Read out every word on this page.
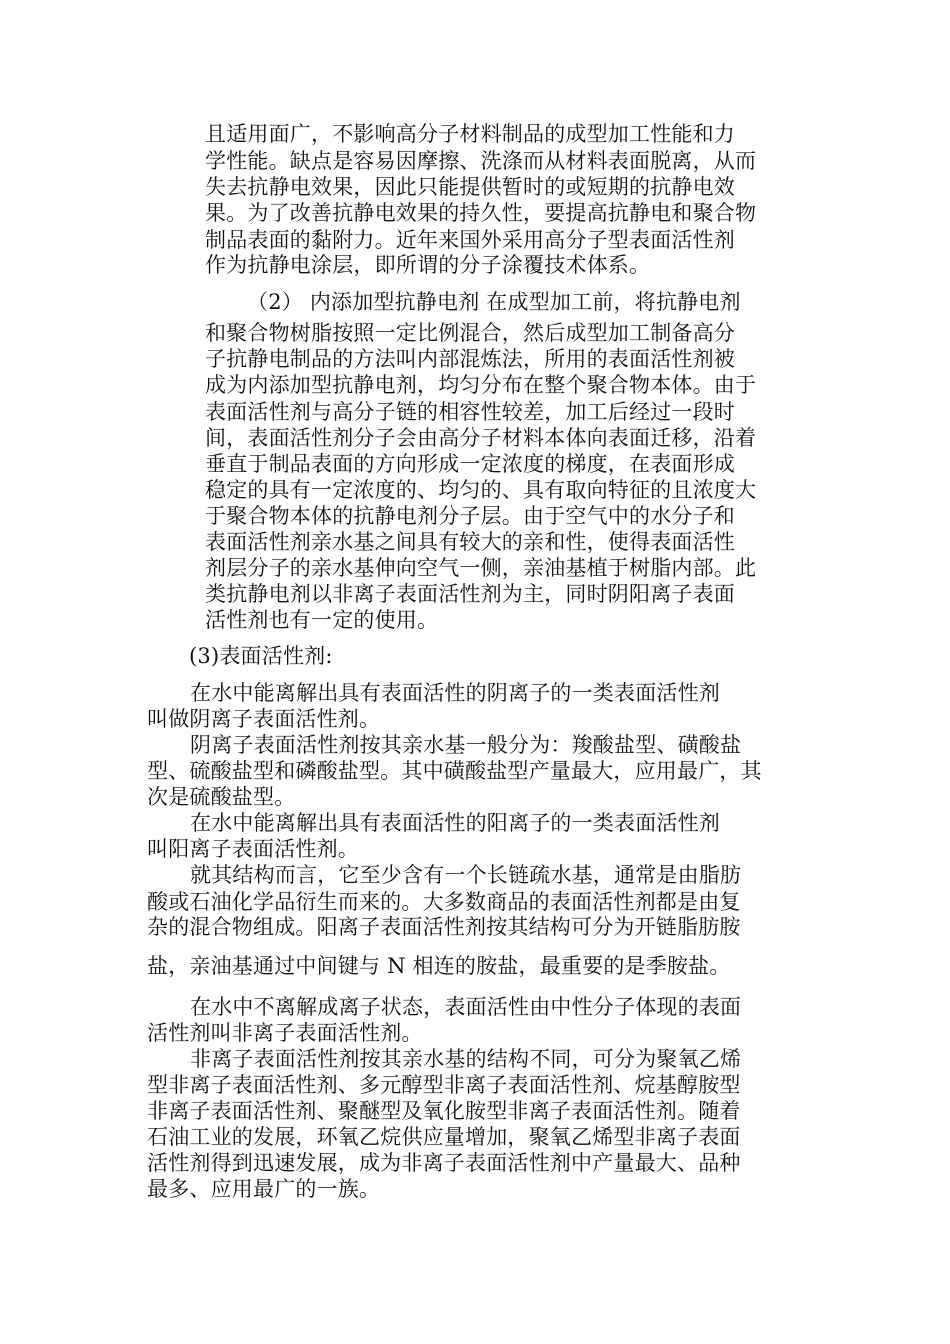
且适用面广，不影响高分子材料制品的成型加工性能和力
学性能。缺点是容易因摩擦、洗涤而从材料表面脱离，从而
失去抗静电效果，因此只能提供暂时的或短期的抗静电效
果。为了改善抗静电效果的持久性，要提高抗静电和聚合物
制品表面的黏附力。近年来国外采用高分子型表面活性剂
作为抗静电涂层，即所谓的分子涂覆技术体系。
（2） 内添加型抗静电剂 在成型加工前，将抗静电剂
和聚合物树脂按照一定比例混合，然后成型加工制备高分
子抗静电制品的方法叫内部混炼法，所用的表面活性剂被
成为内添加型抗静电剂，均匀分布在整个聚合物本体。由于
表面活性剂与高分子链的相容性较差，加工后经过一段时
间，表面活性剂分子会由高分子材料本体向表面迁移，沿着
垂直于制品表面的方向形成一定浓度的梯度，在表面形成
稳定的具有一定浓度的、均匀的、具有取向特征的且浓度大
于聚合物本体的抗静电剂分子层。由于空气中的水分子和
表面活性剂亲水基之间具有较大的亲和性，使得表面活性
剂层分子的亲水基伸向空气一侧，亲油基植于树脂内部。此
类抗静电剂以非离子表面活性剂为主，同时阴阳离子表面
活性剂也有一定的使用。
(3)表面活性剂:
在水中能离解出具有表面活性的阴离子的一类表面活性剂
叫做阴离子表面活性剂。
阴离子表面活性剂按其亲水基一般分为：羧酸盐型、磺酸盐
型、硫酸盐型和磷酸盐型。其中磺酸盐型产量最大，应用最广，其
次是硫酸盐型。
在水中能离解出具有表面活性的阳离子的一类表面活性剂
叫阳离子表面活性剂。
就其结构而言，它至少含有一个长链疏水基，通常是由脂肪
酸或石油化学品衍生而来的。大多数商品的表面活性剂都是由复
杂的混合物组成。阳离子表面活性剂按其结构可分为开链脂肪胺
盐，亲油基通过中间键与 N 相连的胺盐，最重要的是季胺盐。
在水中不离解成离子状态，表面活性由中性分子体现的表面
活性剂叫非离子表面活性剂。
非离子表面活性剂按其亲水基的结构不同，可分为聚氧乙烯
型非离子表面活性剂、多元醇型非离子表面活性剂、烷基醇胺型
非离子表面活性剂、聚醚型及氧化胺型非离子表面活性剂。随着
石油工业的发展，环氧乙烷供应量增加，聚氧乙烯型非离子表面
活性剂得到迅速发展，成为非离子表面活性剂中产量最大、品种
最多、应用最广的一族。
